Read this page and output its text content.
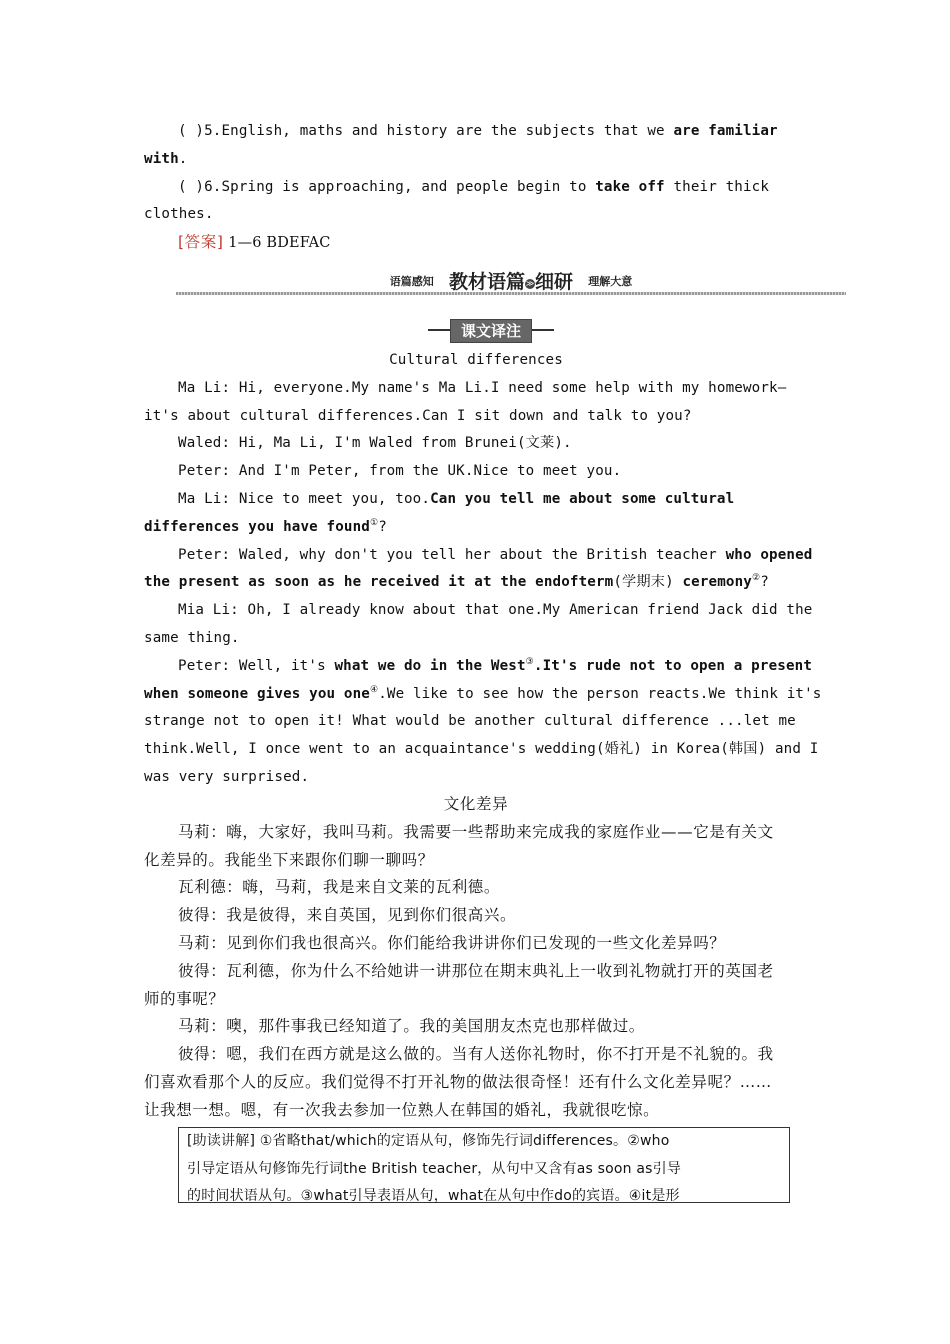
( )5.English, maths and history are the subjects that we are familiar
with.
( )6.Spring is approaching, and people begin to take off their thick
clothes.
[答案] 1—6 BDEFAC
语篇感知 教材语篇≫细研 理解大意
课文译注
Cultural differences
Ma Li: Hi, everyone.My name's Ma Li.I need some help with my homework—
it's about cultural differences.Can I sit down and talk to you?
Waled: Hi, Ma Li, I'm Waled from Brunei(文莱).
Peter: And I'm Peter, from the UK.Nice to meet you.
Ma Li: Nice to meet you, too.Can you tell me about some cultural
differences you have found①?
Peter: Waled, why don't you tell her about the British teacher who opened
the present as soon as he received it at the endofterm(学期末) ceremony②?
Mia Li: Oh, I already know about that one.My American friend Jack did the
same thing.
Peter: Well, it's what we do in the West③.It's rude not to open a present
when someone gives you one④.We like to see how the person reacts.We think it's
strange not to open it! What would be another cultural difference ...let me
think.Well, I once went to an acquaintance's wedding(婚礼) in Korea(韩国) and I
was very surprised.
文化差异
马莉：嗨，大家好，我叫马莉。我需要一些帮助来完成我的家庭作业——它是有关文
化差异的。我能坐下来跟你们聊一聊吗？
瓦利德：嗨，马莉，我是来自文莱的瓦利德。
彼得：我是彼得，来自英国，见到你们很高兴。
马莉：见到你们我也很高兴。你们能给我讲讲你们已发现的一些文化差异吗？
彼得：瓦利德，你为什么不给她讲一讲那位在期末典礼上一收到礼物就打开的英国老
师的事呢？
马莉：噢，那件事我已经知道了。我的美国朋友杰克也那样做过。
彼得：嗯，我们在西方就是这么做的。当有人送你礼物时，你不打开是不礼貌的。我
们喜欢看那个人的反应。我们觉得不打开礼物的做法很奇怪！还有什么文化差异呢？……
让我想一想。嗯，有一次我去参加一位熟人在韩国的婚礼，我就很吃惊。
[助读讲解] ①省略that/which的定语从句，修饰先行词differences。②who
引导定语从句修饰先行词the British teacher，从句中又含有as soon as引导
的时间状语从句。③what引导表语从句，what在从句中作do的宾语。④it是形
